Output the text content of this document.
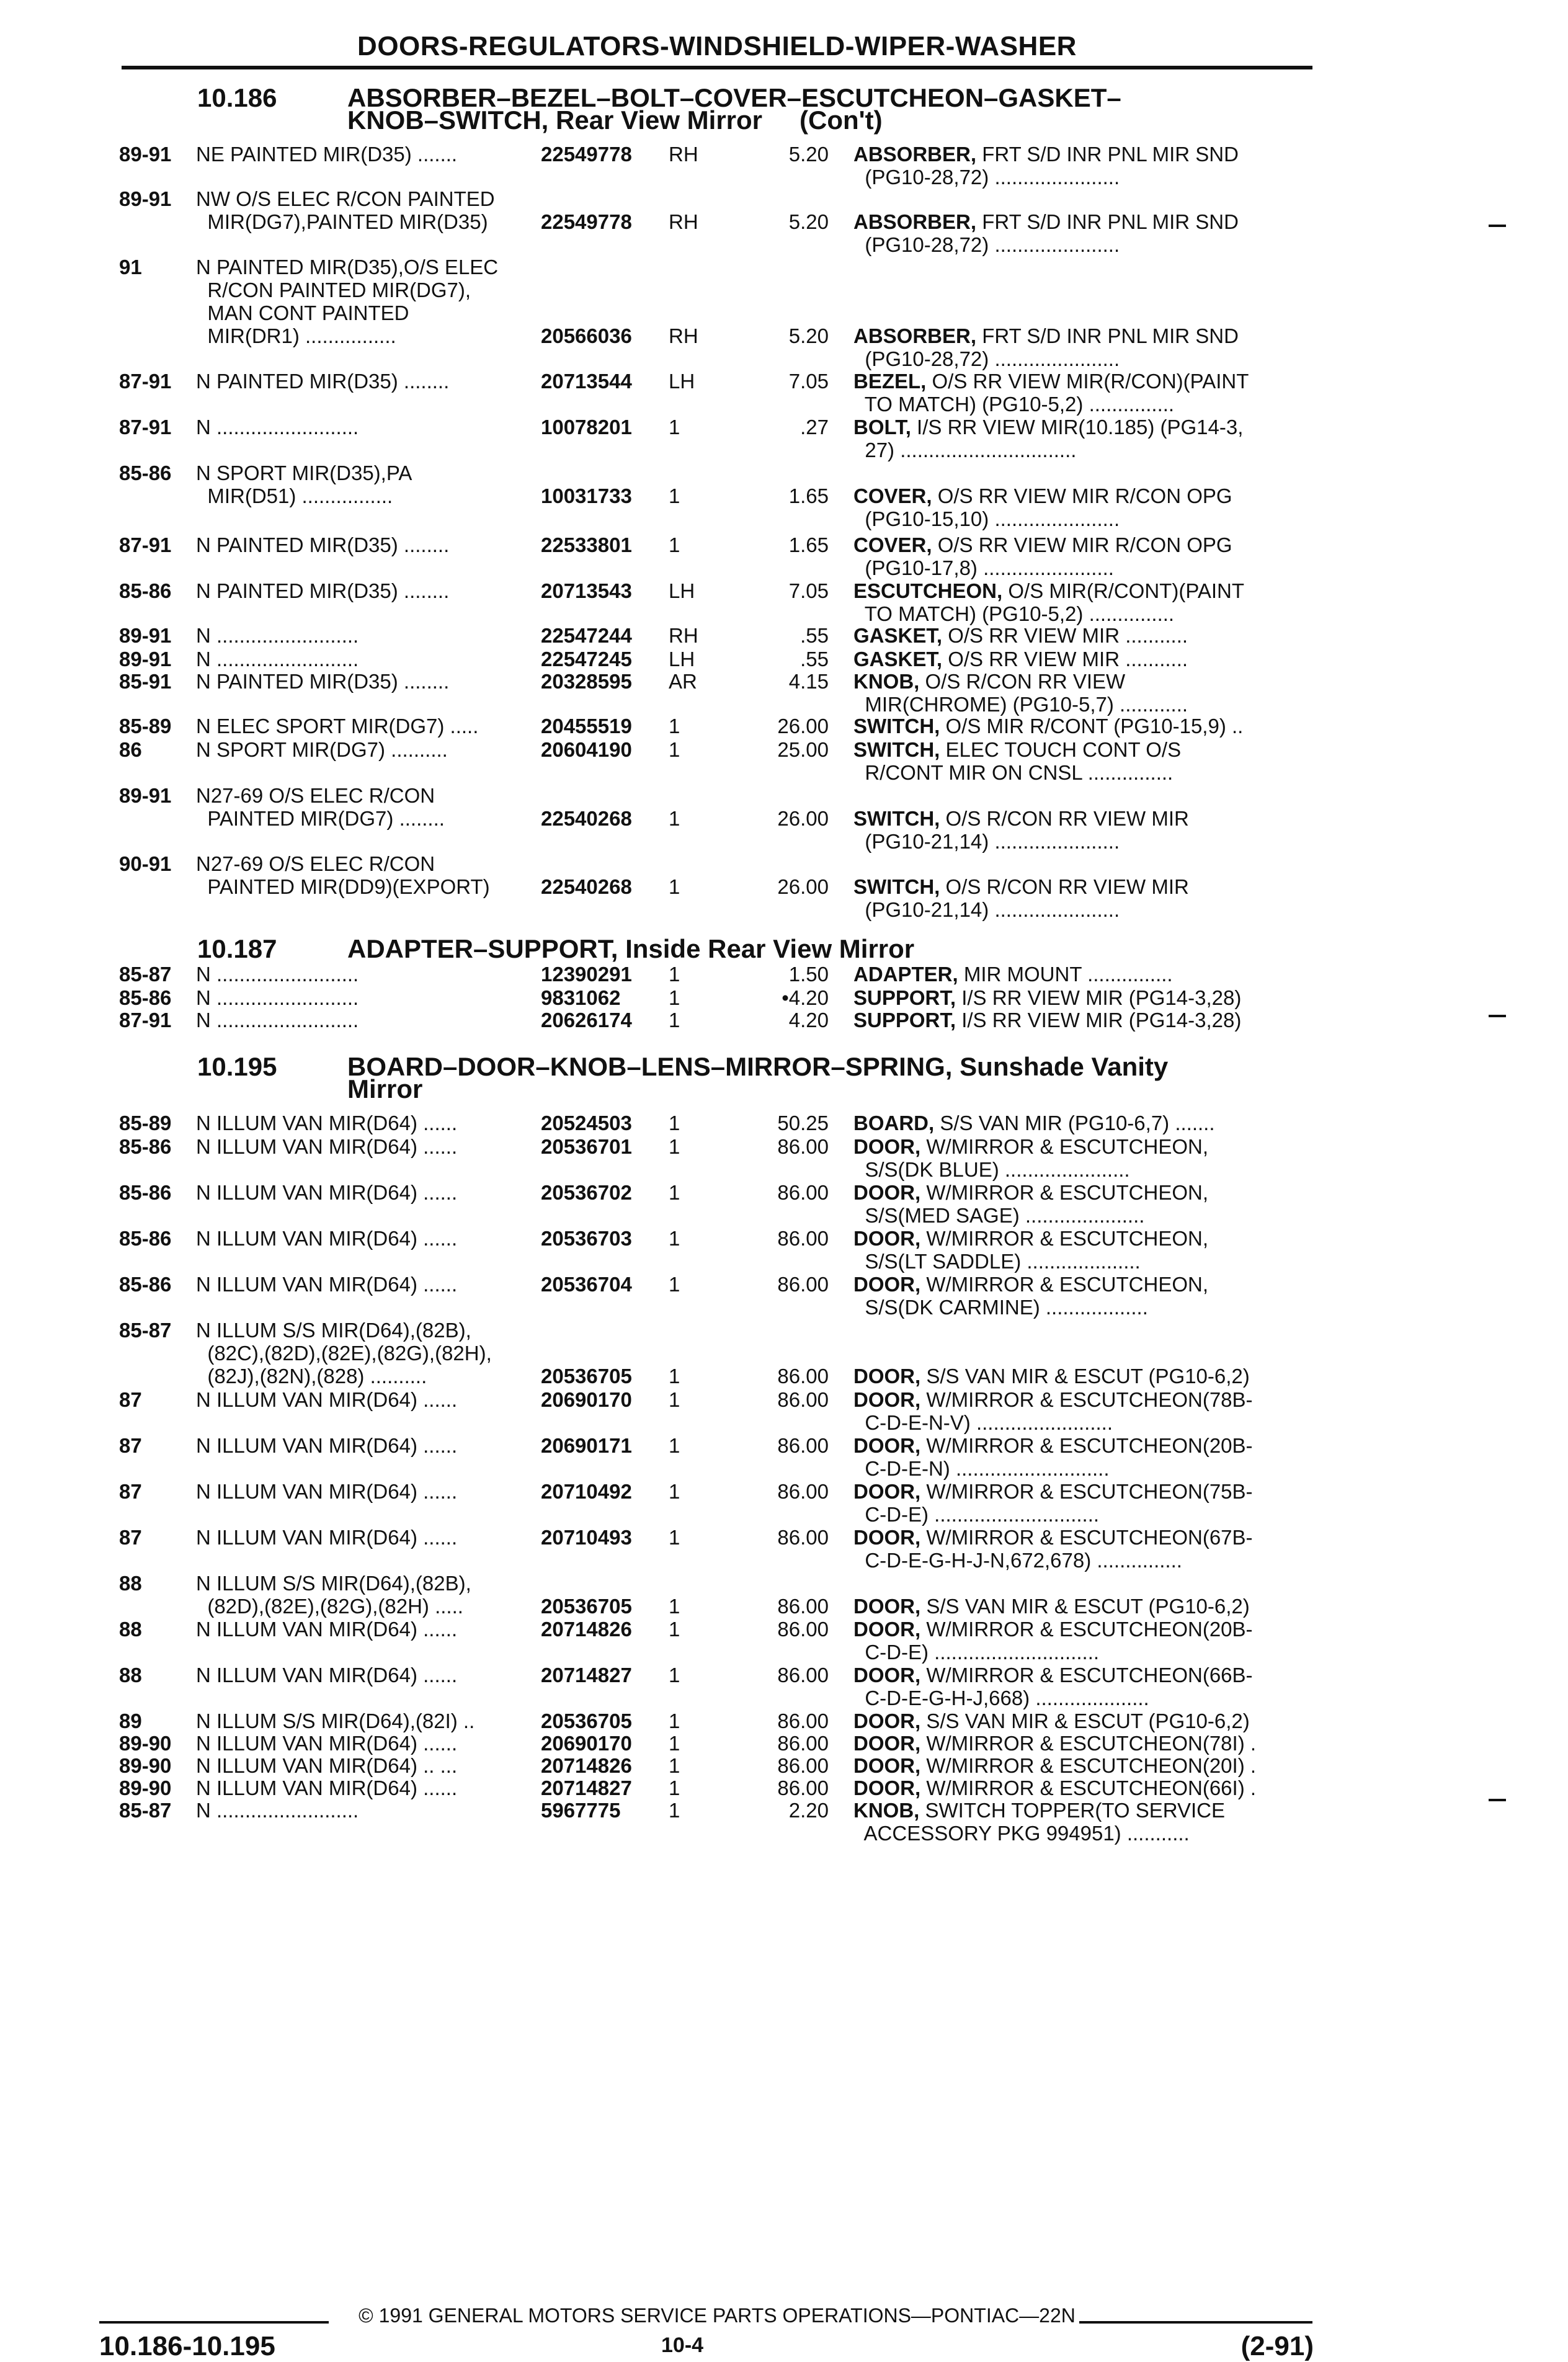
DOORS-REGULATORS-WINDSHIELD-WIPER-WASHER
10.186	ABSORBER–BEZEL–BOLT–COVER–ESCUTCHEON–GASKET–
KNOB–SWITCH, Rear View Mirror (Con't)
10.187	ADAPTER–SUPPORT, Inside Rear View Mirror
10.195	BOARD–DOOR–KNOB–LENS–MIRROR–SPRING, Sunshade Vanity
Mirror
89-91 NE PAINTED MIR(D35) .......	22549778 RH	5.20 ABSORBER, FRT S/D INR PNL MIR SND
(PG10-28,72) ......................
89-91 NW O/S ELEC R/CON PAINTED
MIR(DG7),PAINTED MIR(D35)	22549778 RH	5.20 ABSORBER, FRT S/D INR PNL MIR SND
(PG10-28,72) ......................
91	N PAINTED MIR(D35),O/S ELEC
R/CON PAINTED MIR(DG7),
MAN CONT PAINTED
MIR(DR1) ................	20566036 RH	5.20 ABSORBER, FRT S/D INR PNL MIR SND
(PG10-28,72) ......................
87-91 N PAINTED MIR(D35) ........	20713544 LH	7.05 BEZEL, O/S RR VIEW MIR(R/CON)(PAINT
TO MATCH) (PG10-5,2) ...............
87-91 N .........................	10078201 1	.27 BOLT, I/S RR VIEW MIR(10.185) (PG14-3,
27) ...............................
85-86 N SPORT MIR(D35),PA
MIR(D51) ................	10031733 1	1.65 COVER, O/S RR VIEW MIR R/CON OPG
(PG10-15,10) ......................
87-91 N PAINTED MIR(D35) ........	22533801 1	1.65 COVER, O/S RR VIEW MIR R/CON OPG
(PG10-17,8) .......................
85-86 N PAINTED MIR(D35) ........	20713543 LH	7.05 ESCUTCHEON, O/S MIR(R/CONT)(PAINT
TO MATCH) (PG10-5,2) ...............
89-91 N .........................	22547244 RH	.55 GASKET, O/S RR VIEW MIR ...........
89-91 N .........................	22547245 LH	.55 GASKET, O/S RR VIEW MIR ...........
85-91 N PAINTED MIR(D35) ........	20328595 AR	4.15 KNOB, O/S R/CON RR VIEW
MIR(CHROME) (PG10-5,7) ............
85-89 N ELEC SPORT MIR(DG7) .....	20455519 1	26.00 SWITCH, O/S MIR R/CONT (PG10-15,9) ..
86	N SPORT MIR(DG7) ..........	20604190 1	25.00 SWITCH, ELEC TOUCH CONT O/S
R/CONT MIR ON CNSL ...............
89-91 N27-69 O/S ELEC R/CON
PAINTED MIR(DG7) ........	22540268 1	26.00 SWITCH, O/S R/CON RR VIEW MIR
(PG10-21,14) ......................
90-91 N27-69 O/S ELEC R/CON
PAINTED MIR(DD9)(EXPORT)	22540268 1	26.00 SWITCH, O/S R/CON RR VIEW MIR
(PG10-21,14) ......................
85-87 N .........................	12390291 1	1.50 ADAPTER, MIR MOUNT ...............
85-86 N .........................	9831062 1	•4.20 SUPPORT, I/S RR VIEW MIR (PG14-3,28)
87-91 N .........................	20626174 1	4.20 SUPPORT, I/S RR VIEW MIR (PG14-3,28)
85-89 N ILLUM VAN MIR(D64) ......	20524503 1	50.25 BOARD, S/S VAN MIR (PG10-6,7) .......
85-86 N ILLUM VAN MIR(D64) ......	20536701 1	86.00 DOOR, W/MIRROR & ESCUTCHEON,
S/S(DK BLUE) ......................
85-86 N ILLUM VAN MIR(D64) ......	20536702 1	86.00 DOOR, W/MIRROR & ESCUTCHEON,
S/S(MED SAGE) .....................
85-86 N ILLUM VAN MIR(D64) ......	20536703 1	86.00 DOOR, W/MIRROR & ESCUTCHEON,
S/S(LT SADDLE) ....................
85-86 N ILLUM VAN MIR(D64) ......	20536704 1	86.00 DOOR, W/MIRROR & ESCUTCHEON,
S/S(DK CARMINE) ..................
85-87 N ILLUM S/S MIR(D64),(82B),
(82C),(82D),(82E),(82G),(82H),
(82J),(82N),(828) ..........	20536705 1	86.00 DOOR, S/S VAN MIR & ESCUT (PG10-6,2)
87	N ILLUM VAN MIR(D64) ......	20690170 1	86.00 DOOR, W/MIRROR & ESCUTCHEON(78B-
C-D-E-N-V) ........................
87	N ILLUM VAN MIR(D64) ......	20690171 1	86.00 DOOR, W/MIRROR & ESCUTCHEON(20B-
C-D-E-N) ...........................
87	N ILLUM VAN MIR(D64) ......	20710492 1	86.00 DOOR, W/MIRROR & ESCUTCHEON(75B-
C-D-E) .............................
87	N ILLUM VAN MIR(D64) ......	20710493 1	86.00 DOOR, W/MIRROR & ESCUTCHEON(67B-
C-D-E-G-H-J-N,672,678) ...............
88	N ILLUM S/S MIR(D64),(82B),
(82D),(82E),(82G),(82H) .....	20536705 1	86.00 DOOR, S/S VAN MIR & ESCUT (PG10-6,2)
88	N ILLUM VAN MIR(D64) ......	20714826 1	86.00 DOOR, W/MIRROR & ESCUTCHEON(20B-
C-D-E) .............................
88	N ILLUM VAN MIR(D64) ......	20714827 1	86.00 DOOR, W/MIRROR & ESCUTCHEON(66B-
C-D-E-G-H-J,668) ....................
89	N ILLUM S/S MIR(D64),(82I) ..	20536705 1	86.00 DOOR, S/S VAN MIR & ESCUT (PG10-6,2)
89-90 N ILLUM VAN MIR(D64) ......	20690170 1	86.00 DOOR, W/MIRROR & ESCUTCHEON(78I) .
89-90 N ILLUM VAN MIR(D64) .. ...	20714826 1	86.00 DOOR, W/MIRROR & ESCUTCHEON(20I) .
89-90 N ILLUM VAN MIR(D64) ......	20714827 1	86.00 DOOR, W/MIRROR & ESCUTCHEON(66I) .
85-87 N .........................	5967775 1	2.20 KNOB, SWITCH TOPPER(TO SERVICE
ACCESSORY PKG 994951) ...........
© 1991 GENERAL MOTORS SERVICE PARTS OPERATIONS—PONTIAC—22N
10.186-10.195	10-4	(2-91)
